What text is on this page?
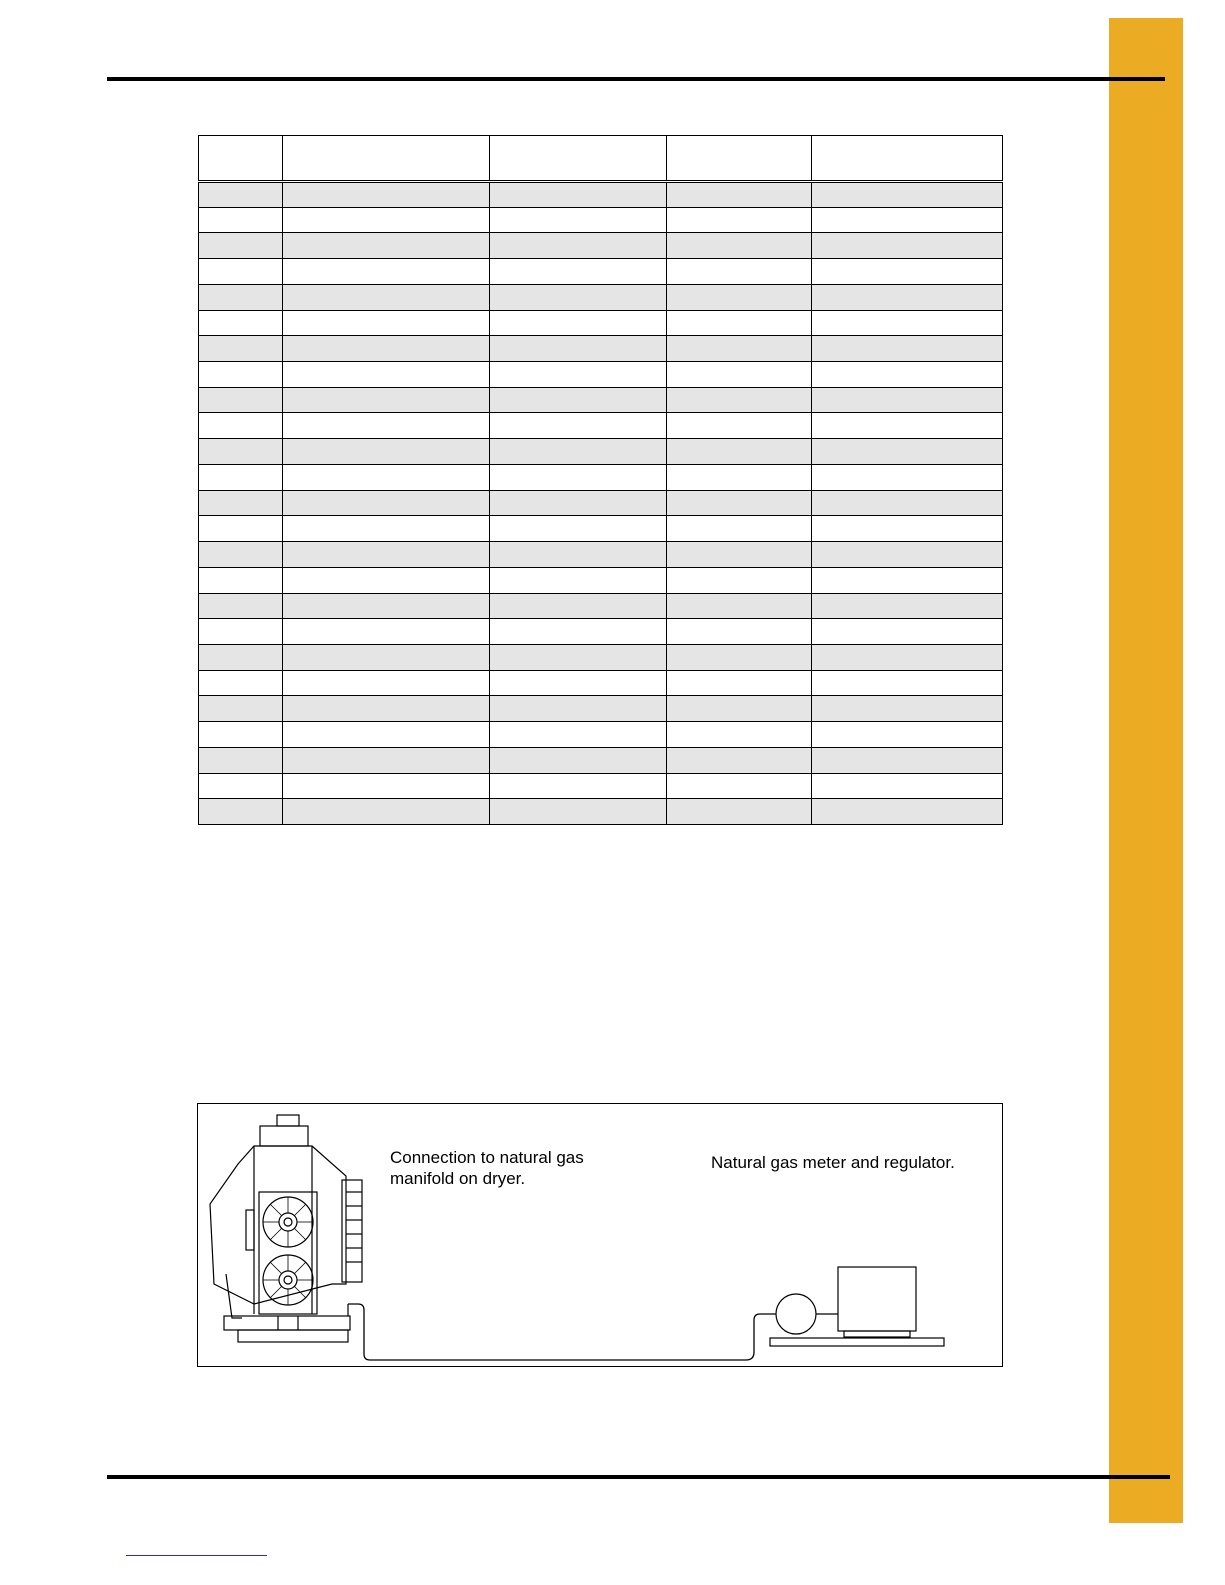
Connection to natural gas manifold on dryer.
Natural gas meter and regulator.
